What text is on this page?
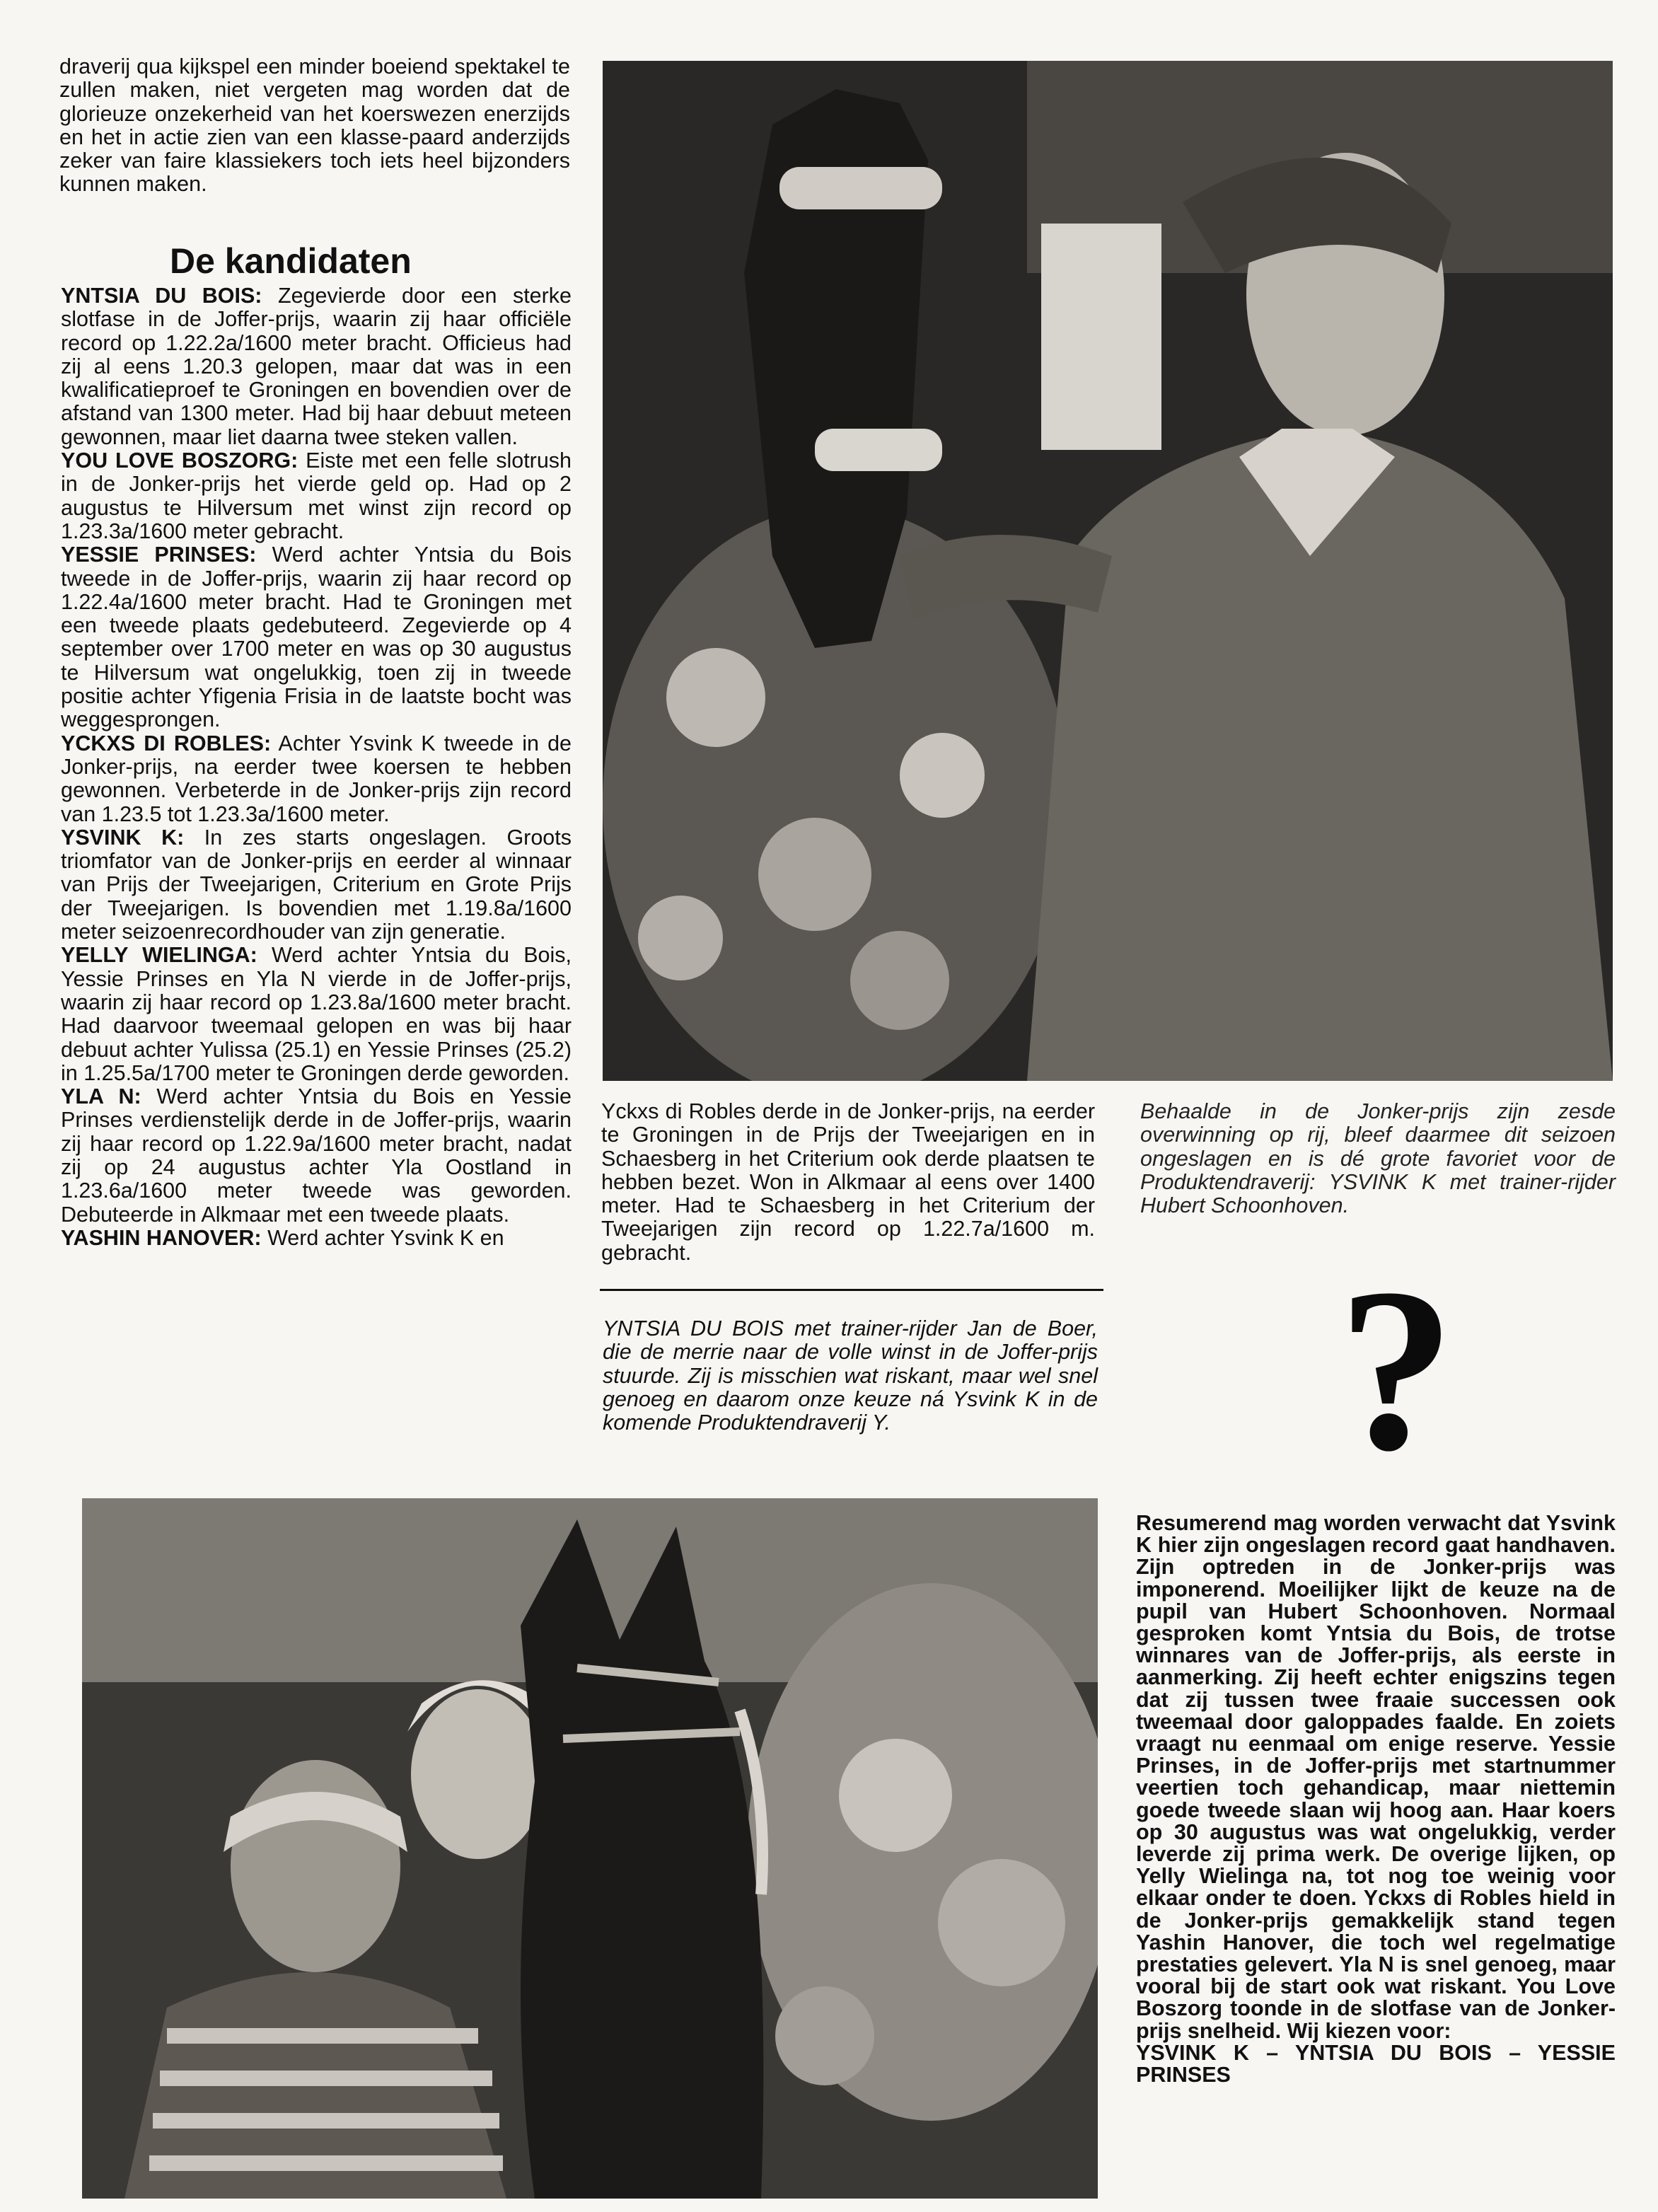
draverij qua kijkspel een minder boeiend spektakel te zullen maken, niet vergeten mag worden dat de glorieuze onzekerheid van het koerswezen enerzijds en het in actie zien van een klasse-paard anderzijds zeker van faire klassiekers toch iets heel bijzonders kunnen maken.

De kandidaten

YNTSIA DU BOIS: Zegevierde door een sterke slotfase in de Joffer-prijs, waarin zij haar officiële record op 1.22.2a/1600 meter bracht. Officieus had zij al eens 1.20.3 gelopen, maar dat was in een kwalificatieproef te Groningen en bovendien over de afstand van 1300 meter. Had bij haar debuut meteen gewonnen, maar liet daarna twee steken vallen.

YOU LOVE BOSZORG: Eiste met een felle slotrush in de Jonker-prijs het vierde geld op. Had op 2 augustus te Hilversum met winst zijn record op 1.23.3a/1600 meter gebracht.

YESSIE PRINSES: Werd achter Yntsia du Bois tweede in de Joffer-prijs, waarin zij haar record op 1.22.4a/1600 meter bracht. Had te Groningen met een tweede plaats gedebuteerd. Zegevierde op 4 september over 1700 meter en was op 30 augustus te Hilversum wat ongelukkig, toen zij in tweede positie achter Yfigenia Frisia in de laatste bocht was weggesprongen.

YCKXS DI ROBLES: Achter Ysvink K tweede in de Jonker-prijs, na eerder twee koersen te hebben gewonnen. Verbeterde in de Jonker-prijs zijn record van 1.23.5 tot 1.23.3a/1600 meter.

YSVINK K: In zes starts ongeslagen. Groots triomfator van de Jonker-prijs en eerder al winnaar van Prijs der Tweejarigen, Criterium en Grote Prijs der Tweejarigen. Is bovendien met 1.19.8a/1600 meter seizoenrecordhouder van zijn generatie.

YELLY WIELINGA: Werd achter Yntsia du Bois, Yessie Prinses en Yla N vierde in de Joffer-prijs, waarin zij haar record op 1.23.8a/1600 meter bracht. Had daarvoor tweemaal gelopen en was bij haar debuut achter Yulissa (25.1) en Yessie Prinses (25.2) in 1.25.5a/1700 meter te Groningen derde geworden.

YLA N: Werd achter Yntsia du Bois en Yessie Prinses verdienstelijk derde in de Joffer-prijs, waarin zij haar record op 1.22.9a/1600 meter bracht, nadat zij op 24 augustus achter Yla Oostland in 1.23.6a/1600 meter tweede was geworden. Debuteerde in Alkmaar met een tweede plaats.

YASHIN HANOVER: Werd achter Ysvink K en

Yckxs di Robles derde in de Jonker-prijs, na eerder te Groningen in de Prijs der Tweejarigen en in Schaesberg in het Criterium ook derde plaatsen te hebben bezet. Won in Alkmaar al eens over 1400 meter. Had te Schaesberg in het Criterium der Tweejarigen zijn record op 1.22.7a/1600 m. gebracht.

Behaalde in de Jonker-prijs zijn zesde overwinning op rij, bleef daarmee dit seizoen ongeslagen en is dé grote favoriet voor de Produktendraverij: YSVINK K met trainer-rijder Hubert Schoonhoven.

YNTSIA DU BOIS met trainer-rijder Jan de Boer, die de merrie naar de volle winst in de Joffer-prijs stuurde. Zij is misschien wat riskant, maar wel snel genoeg en daarom onze keuze ná Ysvink K in de komende Produktendraverij Y.	?

Resumerend mag worden verwacht dat Ysvink K hier zijn ongeslagen record gaat handhaven. Zijn optreden in de Jonker-prijs was imponerend. Moeilijker lijkt de keuze na de pupil van Hubert Schoonhoven. Normaal gesproken komt Yntsia du Bois, de trotse winnares van de Joffer-prijs, als eerste in aanmerking. Zij heeft echter enigszins tegen dat zij tussen twee fraaie successen ook tweemaal door galoppades faalde. En zoiets vraagt nu eenmaal om enige reserve. Yessie Prinses, in de Joffer-prijs met startnummer veertien toch gehandicap, maar niettemin goede tweede slaan wij hoog aan. Haar koers op 30 augustus was wat ongelukkig, verder leverde zij prima werk. De overige lijken, op Yelly Wielinga na, tot nog toe weinig voor elkaar onder te doen. Yckxs di Robles hield in de Jonker-prijs gemakkelijk stand tegen Yashin Hanover, die toch wel regelmatige prestaties gelevert. Yla N is snel genoeg, maar vooral bij de start ook wat riskant. You Love Boszorg toonde in de slotfase van de Jonker-prijs snelheid. Wij kiezen voor:
YSVINK K – YNTSIA DU BOIS – YESSIE PRINSES
